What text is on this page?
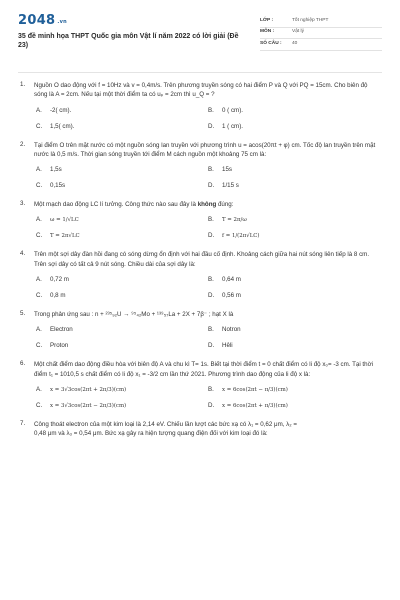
2048 $^{.vn}$
35 đề minh họa THPT Quốc gia môn Vật lí năm 2022 có lời giải (Đề 23)
LỚP :	Tốt nghiệp THPT
MÔN :	Vật lý
SỐ CÂU :	40
1. Nguồn O dao động với f = 10Hz và v = 0,4m/s. Trên phương truyền sóng có hai điểm P và Q với PQ = 15cm. Cho biên độ sóng là A = 2cm. Nếu tại một thời điểm ta có uₚ = 2cm thì u_Q = ?
A.	-2( cm).	B.	0 ( cm).
C.	1,5( cm).	D.	1 ( cm).
2. Tại điểm O trên mặt nước có một nguồn sóng lan truyền với phương trình u = acos(20πt + φ) cm. Tốc độ lan truyền trên mặt nước là 0,5 m/s. Thời gian sóng truyền tới điểm M cách nguồn một khoảng 75 cm là:
A.	1,5s	B.	15s
C.	0,15s	D.	1/15 s
3. Một mạch dao động LC lí tưởng. Công thức nào sau đây là không đúng:
A.	ω = 1/√LC	B.	T = 2π/ω
C.	T = 2π√LC	D.	f = 1/(2π√LC)
4. Trên một sợi dây đàn hồi đang có sóng dừng ổn định với hai đầu cố định. Khoảng cách giữa hai nút sóng liên tiếp là 8 cm. Trên sợi dây có tất cả 9 nút sóng. Chiều dài của sợi dây là:
A.	0,72 m	B.	0,64 m
C.	0,8 m	D.	0,56 m
5. Trong phản ứng sau : n + ²³⁵₉₂U → ⁹⁵₄₂Mo + ¹³⁹₅₇La + 2X + 7β⁻ ; hạt X là
A.	Electron	B.	Notron
C.	Proton	D.	Hêli
6. Một chất điểm dao động điều hòa với biên độ A và chu kì T= 1s. Biết tại thời điểm t = 0 chất điểm có li độ x₀= -3 cm. Tại thời điểm t₁ = 1010,5 s chất điểm có li độ x₁ = -3/2 cm lần thứ 2021. Phương trình dao động của li độ x là:
A.	x = 3√3cos(2πt + 2π/3)(cm)	B.	x = 6cos(2πt − π/3)(cm)
C.	x = 3√3cos(2πt − 2π/3)(cm)	D.	x = 6cos(2πt + π/3)(cm)
7. Công thoát electron của một kim loại là 2,14 eV. Chiếu lần lượt các bức xạ có λ₁ = 0,62 μm, λ₂ =
0,48 μm và λ₃ = 0,54 μm. Bức xạ gây ra hiện tượng quang điện đối với kim loại đó là:
